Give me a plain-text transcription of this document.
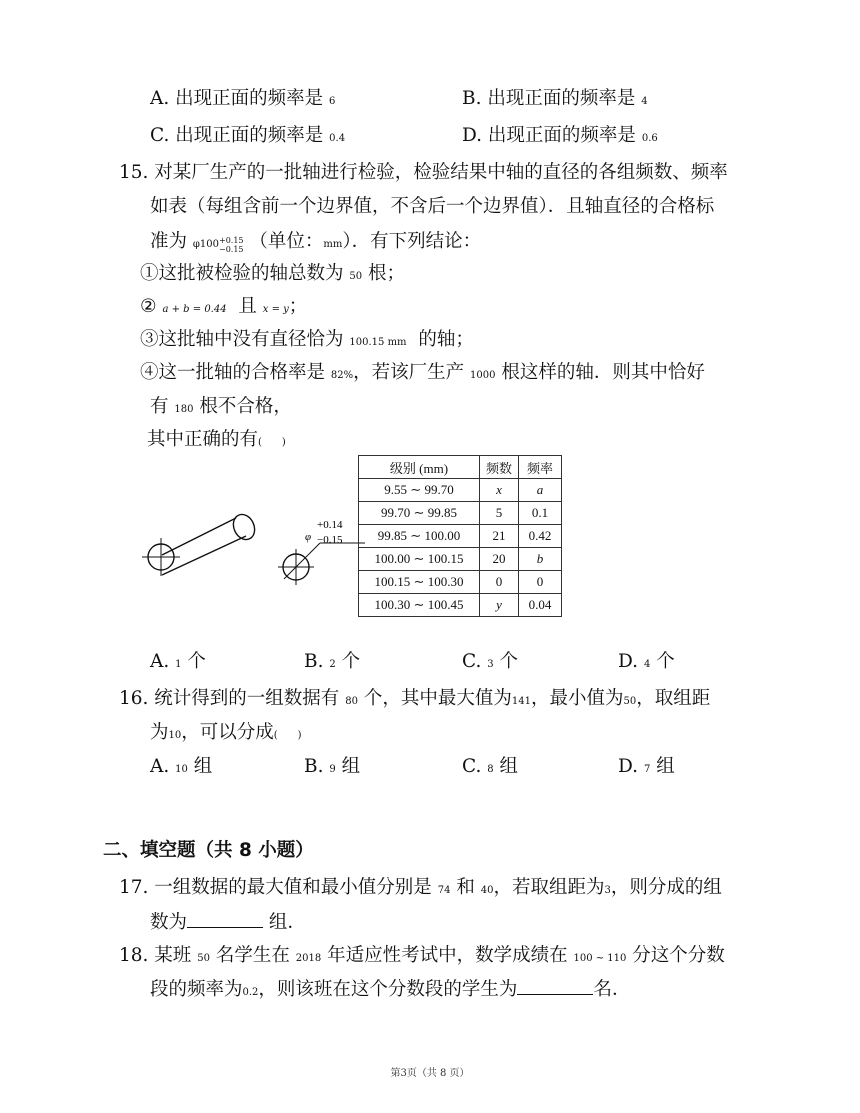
A. 出现正面的频率是 6	B. 出现正面的频率是 4
C. 出现正面的频率是 0.4	D. 出现正面的频率是 0.6
15. 对某厂生产的一批轴进行检验，检验结果中轴的直径的各组频数、频率
如表（每组含前一个边界值，不含后一个边界值）．且轴直径的合格标
准为 φ100+0.15
−0.15 （单位：mm）．有下列结论：
①这批被检验的轴总数为 50 根；
② a + b = 0.44 且 x = y；
③这批轴中没有直径恰为 100.15 mm 的轴；
④这一批轴的合格率是 82%，若该厂生产 1000 根这样的轴．则其中恰好
有 180 根不合格，
其中正确的有(　　)
φ
+0.14
−0.15
级别 (mm)	频数	频率
9.55 ∼ 99.70	x	a
99.70 ∼ 99.85	5	0.1
99.85 ∼ 100.00	21	0.42
100.00 ∼ 100.15	20	b
100.15 ∼ 100.30	0	0
100.30 ∼ 100.45	y	0.04
A. 1 个	B. 2 个	C. 3 个	D. 4 个
16. 统计得到的一组数据有 80 个，其中最大值为141，最小值为50，取组距
为10，可以分成(　　)
A. 10 组	B. 9 组	C. 8 组	D. 7 组
二、填空题（共 8 小题）
17. 一组数据的最大值和最小值分别是 74 和 40，若取组距为3，则分成的组
数为	组．
18. 某班 50 名学生在 2018 年适应性考试中，数学成绩在 100 ∼ 110 分这个分数
段的频率为0.2，则该班在这个分数段的学生为	名．
第3页（共 8 页）
